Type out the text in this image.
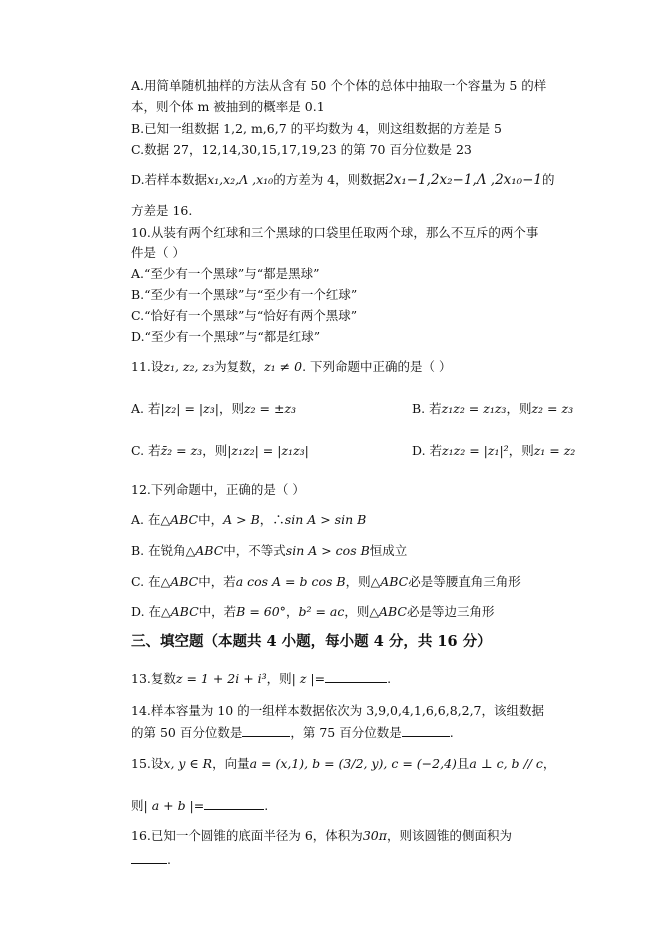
A.用简单随机抽样的方法从含有 50 个个体的总体中抽取一个容量为 5 的样
本，则个体 m 被抽到的概率是 0.1
B.已知一组数据 1,2, m,6,7 的平均数为 4，则这组数据的方差是 5
C.数据 27，12,14,30,15,17,19,23 的第 70 百分位数是 23
D.若样本数据x₁,x₂,Λ ,x₁₀的方差为 4，则数据2x₁−1,2x₂−1,Λ ,2x₁₀−1的
方差是 16.
10.从装有两个红球和三个黑球的口袋里任取两个球，那么不互斥的两个事
件是（ ）
A.“至少有一个黑球”与“都是黑球”
B.“至少有一个黑球”与“至少有一个红球”
C.“恰好有一个黑球”与“恰好有两个黑球”
D.“至少有一个黑球”与“都是红球”
11.设z₁, z₂, z₃为复数，z₁ ≠ 0. 下列命题中正确的是（ ）
A. 若|z₂| = |z₃|，则z₂ = ±z₃	B. 若z₁z₂ = z₁z₃，则z₂ = z₃
C. 若z̄₂ = z₃，则|z₁z₂| = |z₁z₃|	D. 若z₁z₂ = |z₁|²，则z₁ = z₂
12.下列命题中，正确的是（ ）
A. 在△ABC中，A > B，∴sin A > sin B
B. 在锐角△ABC中，不等式sin A > cos B恒成立
C. 在△ABC中，若a cos A = b cos B，则△ABC必是等腰直角三角形
D. 在△ABC中，若B = 60°，b² = ac，则△ABC必是等边三角形
三、填空题（本题共 4 小题，每小题 4 分，共 16 分）
13.复数z = 1 + 2i + i³，则| z |=	.
14.样本容量为 10 的一组样本数据依次为 3,9,0,4,1,6,6,8,2,7，该组数据
的第 50 百分位数是	，第 75 百分位数是	.
15.设x, y ∈ R，向量a = (x,1), b = (3/2, y), c = (−2,4)且a ⊥ c, b // c，
则| a + b |=	.
16.已知一个圆锥的底面半径为 6，体积为30π，则该圆锥的侧面积为
.
